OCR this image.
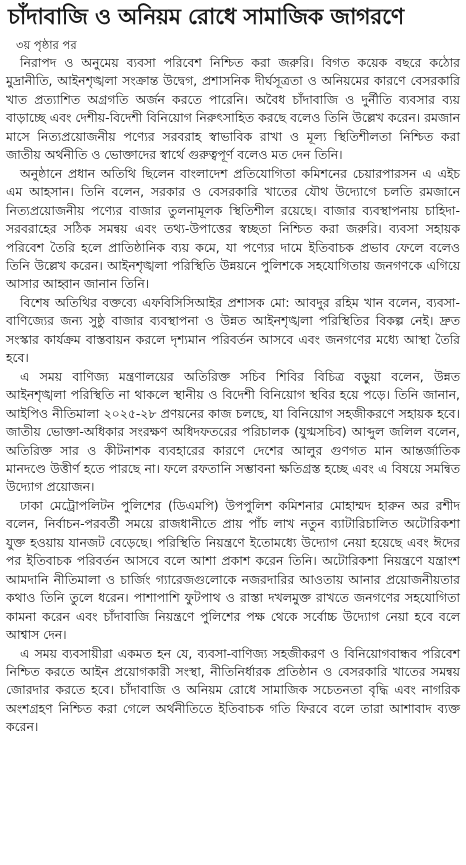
চাঁদাবাজি ও অনিয়ম রোধে সামাজিক জাগরণে
৩য় পৃষ্ঠার পর

নিরাপদ ও অনুমেয় ব্যবসা পরিবেশ নিশ্চিত করা জরুরি। বিগত কয়েক বছরে কঠোর মুদ্রানীতি, আইনশৃঙ্খলা সংক্রান্ত উদ্বেগ, প্রশাসনিক দীর্ঘসূত্রতা ও অনিয়মের কারণে বেসরকারি খাত প্রত্যাশিত অগ্রগতি অর্জন করতে পারেনি। অবৈধ চাঁদাবাজি ও দুর্নীতি ব্যবসার ব্যয় বাড়াচ্ছে এবং দেশীয়-বিদেশী বিনিয়োগ নিরুৎসাহিত করছে বলেও তিনি উল্লেখ করেন। রমজান মাসে নিত্যপ্রয়োজনীয় পণ্যের সরবরাহ স্বাভাবিক রাখা ও মূল্য স্থিতিশীলতা নিশ্চিত করা জাতীয় অর্থনীতি ও ভোক্তাদের স্বার্থে গুরুত্বপূর্ণ বলেও মত দেন তিনি।

অনুষ্ঠানে প্রধান অতিথি ছিলেন বাংলাদেশ প্রতিযোগিতা কমিশনের চেয়ারপারসন এ এইচ এম আহসান। তিনি বলেন, সরকার ও বেসরকারি খাতের যৌথ উদ্যোগে চলতি রমজানে নিত্যপ্রয়োজনীয় পণ্যের বাজার তুলনামূলক স্থিতিশীল রয়েছে। বাজার ব্যবস্থাপনায় চাহিদা-সরবরাহের সঠিক সমন্বয় এবং তথ্য-উপাত্তের স্বচ্ছতা নিশ্চিত করা জরুরি। ব্যবসা সহায়ক পরিবেশ তৈরি হলে প্রাতিষ্ঠানিক ব্যয় কমে, যা পণ্যের দামে ইতিবাচক প্রভাব ফেলে বলেও তিনি উল্লেখ করেন। আইনশৃঙ্খলা পরিস্থিতি উন্নয়নে পুলিশকে সহযোগিতায় জনগণকে এগিয়ে আসার আহ্বান জানান তিনি।

বিশেষ অতিথির বক্তব্যে এফবিসিসিআইর প্রশাসক মো: আবদুর রহিম খান বলেন, ব্যবসা-বাণিজ্যের জন্য সুষ্ঠু বাজার ব্যবস্থাপনা ও উন্নত আইনশৃঙ্খলা পরিস্থিতির বিকল্প নেই। দ্রুত সংস্কার কার্যক্রম বাস্তবায়ন করলে দৃশ্যমান পরিবর্তন আসবে এবং জনগণের মধ্যে আস্থা তৈরি হবে।

এ সময় বাণিজ্য মন্ত্রণালয়ের অতিরিক্ত সচিব শিবির বিচিত্র বড়ুয়া বলেন, উন্নত আইনশৃঙ্খলা পরিস্থিতি না থাকলে স্থানীয় ও বিদেশী বিনিয়োগ স্থবির হয়ে পড়ে। তিনি জানান, আইপিও নীতিমালা ২০২৫-২৮ প্রণয়নের কাজ চলছে, যা বিনিয়োগ সহজীকরণে সহায়ক হবে। জাতীয় ভোক্তা-অধিকার সংরক্ষণ অধিদফতরের পরিচালক (যুগ্মসচিব) আব্দুল জলিল বলেন, অতিরিক্ত সার ও কীটনাশক ব্যবহারের কারণে দেশের আলুর গুণগত মান আন্তর্জাতিক মানদণ্ডে উত্তীর্ণ হতে পারছে না। ফলে রফতানি সম্ভাবনা ক্ষতিগ্রস্ত হচ্ছে এবং এ বিষয়ে সমন্বিত উদ্যোগ প্রয়োজন।

ঢাকা মেট্রোপলিটন পুলিশের (ডিএমপি) উপপুলিশ কমিশনার মোহাম্মদ হারুন অর রশীদ বলেন, নির্বাচন-পরবর্তী সময়ে রাজধানীতে প্রায় পাঁচ লাখ নতুন ব্যাটারিচালিত অটোরিকশা যুক্ত হওয়ায় যানজট বেড়েছে। পরিস্থিতি নিয়ন্ত্রণে ইতোমধ্যে উদ্যোগ নেয়া হয়েছে এবং ঈদের পর ইতিবাচক পরিবর্তন আসবে বলে আশা প্রকাশ করেন তিনি। অটোরিকশা নিয়ন্ত্রণে যন্ত্রাংশ আমদানি নীতিমালা ও চার্জিং গ্যারেজগুলোকে নজরদারির আওতায় আনার প্রয়োজনীয়তার কথাও তিনি তুলে ধরেন। পাশাপাশি ফুটপাথ ও রাস্তা দখলমুক্ত রাখতে জনগণের সহযোগিতা কামনা করেন এবং চাঁদাবাজি নিয়ন্ত্রণে পুলিশের পক্ষ থেকে সর্বোচ্চ উদ্যোগ নেয়া হবে বলে আশ্বাস দেন।

এ সময় ব্যবসায়ীরা একমত হন যে, ব্যবসা-বাণিজ্য সহজীকরণ ও বিনিয়োগবান্ধব পরিবেশ নিশ্চিত করতে আইন প্রয়োগকারী সংস্থা, নীতিনির্ধারক প্রতিষ্ঠান ও বেসরকারি খাতের সমন্বয় জোরদার করতে হবে। চাঁদাবাজি ও অনিয়ম রোধে সামাজিক সচেতনতা বৃদ্ধি এবং নাগরিক অংশগ্রহণ নিশ্চিত করা গেলে অর্থনীতিতে ইতিবাচক গতি ফিরবে বলে তারা আশাবাদ ব্যক্ত করেন।
